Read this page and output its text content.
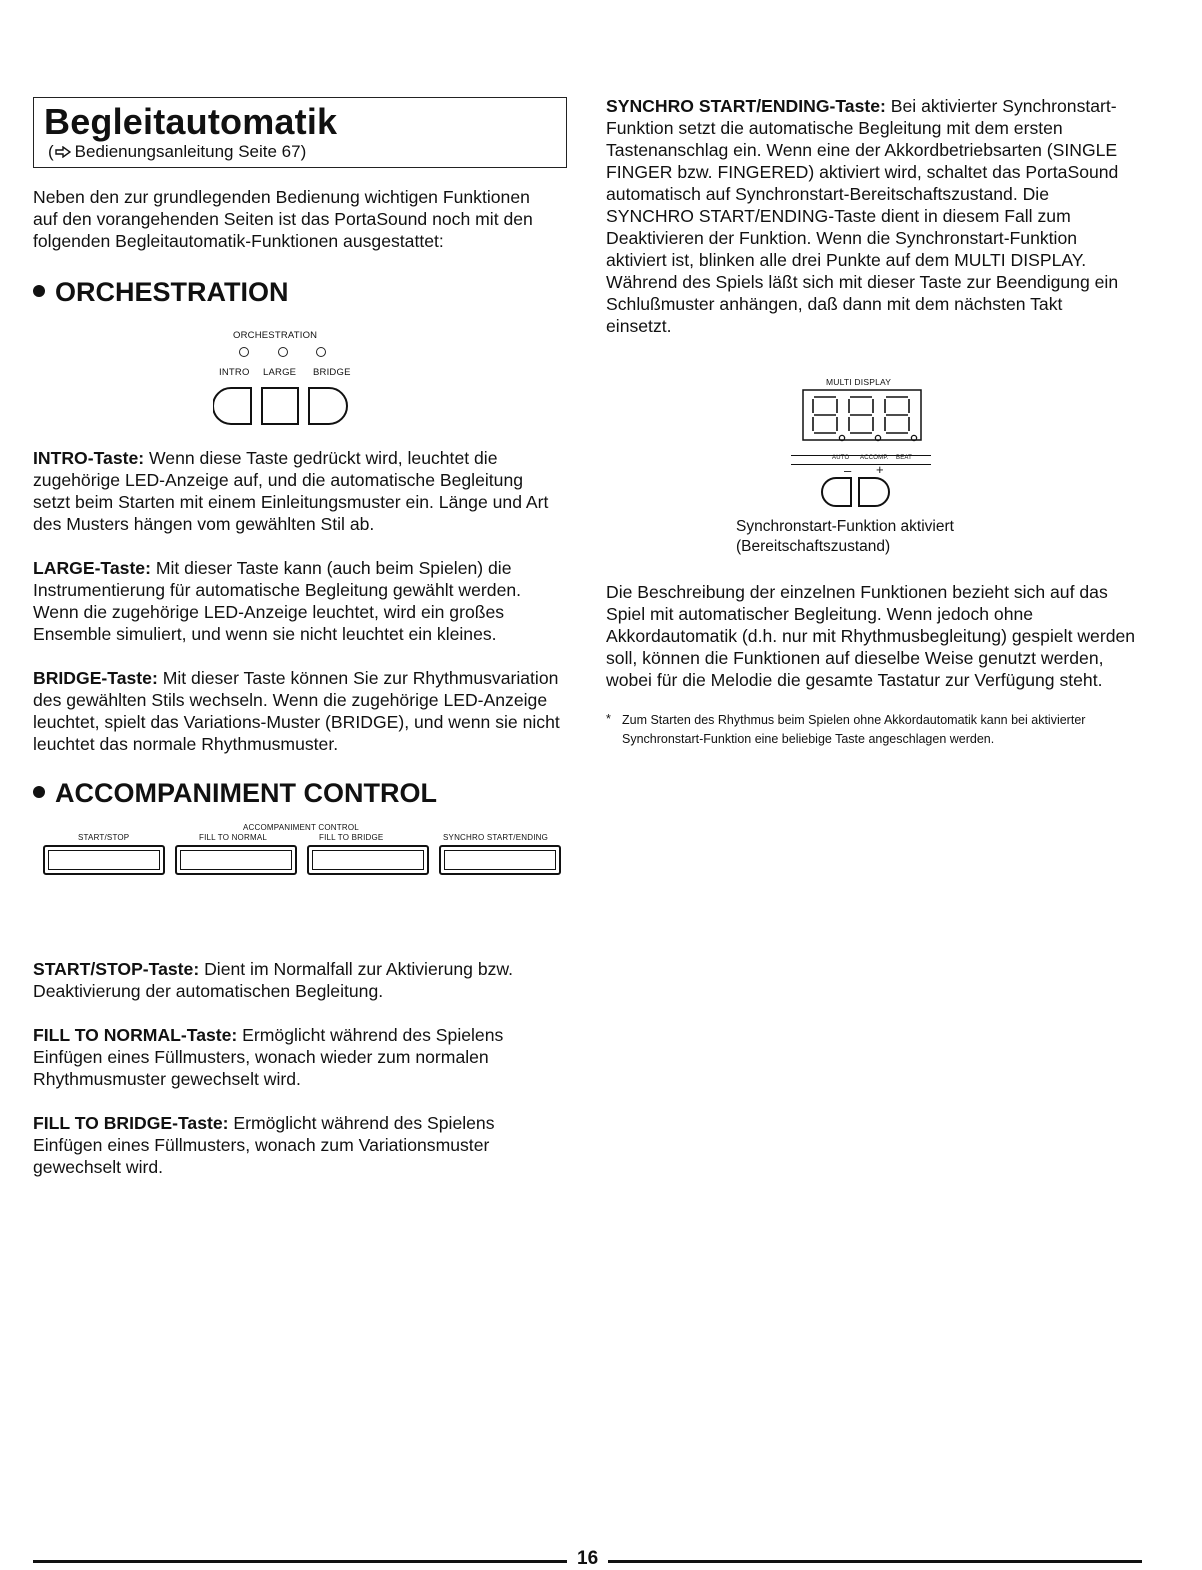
Begleitautomatik
( Bedienungsanleitung Seite 67)

Neben den zur grundlegenden Bedienung wichtigen Funktionen auf den vorangehenden Seiten ist das PortaSound noch mit den folgenden Begleitautomatik-Funktionen ausgestattet:

ORCHESTRATION
ORCHESTRATION
INTRO LARGE BRIDGE

INTRO-Taste: Wenn diese Taste gedrückt wird, leuchtet die zugehörige LED-Anzeige auf, und die automatische Begleitung setzt beim Starten mit einem Einleitungsmuster ein. Länge und Art des Musters hängen vom gewählten Stil ab.

LARGE-Taste: Mit dieser Taste kann (auch beim Spielen) die Instrumentierung für automatische Begleitung gewählt werden. Wenn die zugehörige LED-Anzeige leuchtet, wird ein großes Ensemble simuliert, und wenn sie nicht leuchtet ein kleines.

BRIDGE-Taste: Mit dieser Taste können Sie zur Rhythmusvariation des gewählten Stils wechseln. Wenn die zugehörige LED-Anzeige leuchtet, spielt das Variations-Muster (BRIDGE), und wenn sie nicht leuchtet das normale Rhythmusmuster.

ACCOMPANIMENT CONTROL
ACCOMPANIMENT CONTROL
START/STOP	FILL TO NORMAL	FILL TO BRIDGE	SYNCHRO START/ENDING

START/STOP-Taste: Dient im Normalfall zur Aktivierung bzw. Deaktivierung der automatischen Begleitung.

FILL TO NORMAL-Taste: Ermöglicht während des Spielens Einfügen eines Füllmusters, wonach wieder zum normalen Rhythmusmuster gewechselt wird.

FILL TO BRIDGE-Taste: Ermöglicht während des Spielens Einfügen eines Füllmusters, wonach zum Variationsmuster gewechselt wird.

SYNCHRO START/ENDING-Taste: Bei aktivierter Synchronstart-Funktion setzt die automatische Begleitung mit dem ersten Tastenanschlag ein. Wenn eine der Akkordbetriebsarten (SINGLE FINGER bzw. FINGERED) aktiviert wird, schaltet das PortaSound automatisch auf Synchronstart-Bereitschaftszustand. Die SYNCHRO START/ENDING-Taste dient in diesem Fall zum Deaktivieren der Funktion. Wenn die Synchronstart-Funktion aktiviert ist, blinken alle drei Punkte auf dem MULTI DISPLAY. Während des Spiels läßt sich mit dieser Taste zur Beendigung ein Schlußmuster anhängen, daß dann mit dem nächsten Takt einsetzt.

MULTI DISPLAY
AUTO ACCOMP. BEAT
– +
Synchronstart-Funktion aktiviert
(Bereitschaftszustand)

Die Beschreibung der einzelnen Funktionen bezieht sich auf das Spiel mit automatischer Begleitung. Wenn jedoch ohne Akkordautomatik (d.h. nur mit Rhythmusbegleitung) gespielt werden soll, können die Funktionen auf dieselbe Weise genutzt werden, wobei für die Melodie die gesamte Tastatur zur Verfügung steht.

* Zum Starten des Rhythmus beim Spielen ohne Akkordautomatik kann bei aktivierter Synchronstart-Funktion eine beliebige Taste angeschlagen werden.
16
